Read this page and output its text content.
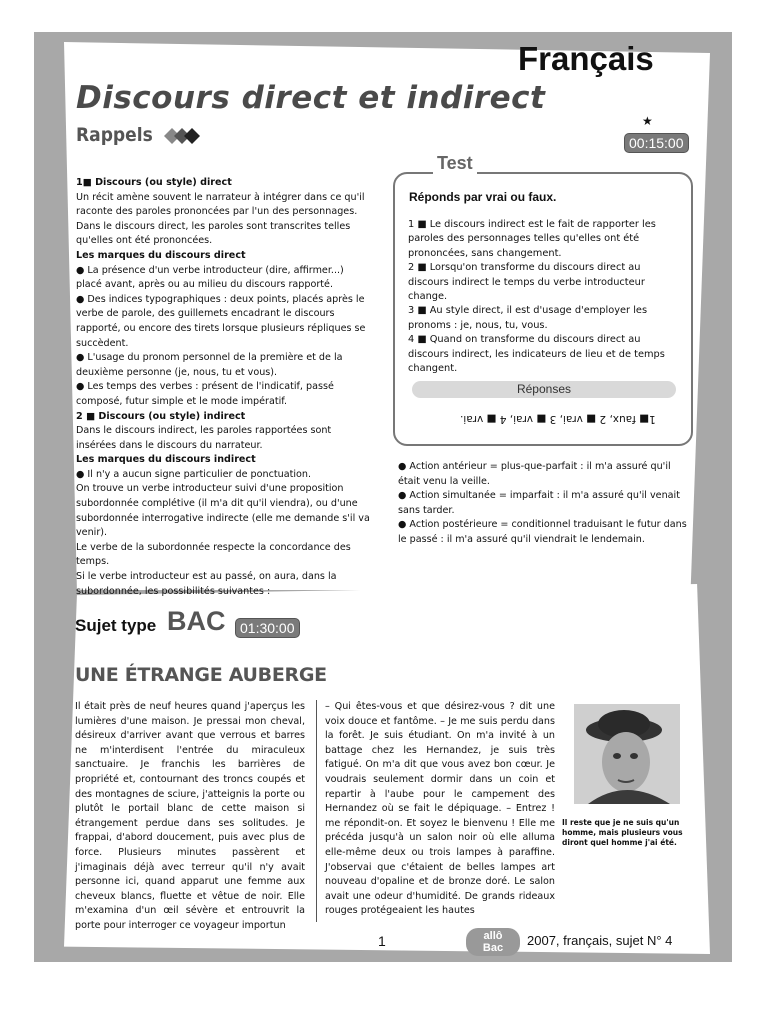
Français
Discours direct et indirect
Rappels
★
00:15:00

1■ Discours (ou style) direct

Un récit amène souvent le narrateur à intégrer dans ce qu'il raconte des paroles prononcées par l'un des personnages. Dans le discours direct, les paroles sont transcrites telles qu'elles ont été prononcées.

Les marques du discours direct

● La présence d'un verbe introducteur (dire, affirmer...) placé avant, après ou au milieu du discours rapporté.

● Des indices typographiques : deux points, placés après le verbe de parole, des guillemets encadrant le discours rapporté, ou encore des tirets lorsque plusieurs répliques se succèdent.

● L'usage du pronom personnel de la première et de la deuxième personne (je, nous, tu et vous).

● Les temps des verbes : présent de l'indicatif, passé composé, futur simple et le mode impératif.

2 ■ Discours (ou style) indirect

Dans le discours indirect, les paroles rapportées sont insérées dans le discours du narrateur.

Les marques du discours indirect

● Il n'y a aucun signe particulier de ponctuation.

On trouve un verbe introducteur suivi d'une proposition subordonnée complétive (il m'a dit qu'il viendra), ou d'une subordonnée interrogative indirecte (elle me demande s'il va venir).

Le verbe de la subordonnée respecte la concordance des temps.

Si le verbe introducteur est au passé, on aura, dans la subordonnée, les possibilités suivantes :

Test
Réponds par vrai ou faux.

1 ■ Le discours indirect est le fait de rapporter les paroles des personnages telles qu'elles ont été prononcées, sans changement.

2 ■ Lorsqu'on transforme du discours direct au discours indirect le temps du verbe introducteur change.

3 ■ Au style direct, il est d'usage d'employer les pronoms : je, nous, tu, vous.

4 ■ Quand on transforme du discours direct au discours indirect, les indicateurs de lieu et de temps changent.

Réponses
1■ faux, 2 ■ vrai, 3 ■ vrai, 4 ■ vrai.

● Action antérieur = plus-que-parfait : il m'a assuré qu'il était venu la veille.

● Action simultanée = imparfait : il m'a assuré qu'il venait sans tarder.

● Action postérieure = conditionnel traduisant le futur dans le passé : il m'a assuré qu'il viendrait le lendemain.

Sujet type BAC	01:30:00
UNE ÉTRANGE AUBERGE
Il était près de neuf heures quand j'aperçus les lumières d'une maison. Je pressai mon cheval, désireux d'arriver avant que verrous et barres ne m'interdisent l'entrée du miraculeux sanctuaire. Je franchis les barrières de propriété et, contournant des troncs coupés et des montagnes de sciure, j'atteignis la porte ou plutôt le portail blanc de cette maison si étrangement perdue dans ses solitudes. Je frappai, d'abord doucement, puis avec plus de force. Plusieurs minutes passèrent et j'imaginais déjà avec terreur qu'il n'y avait personne ici, quand apparut une femme aux cheveux blancs, fluette et vêtue de noir. Elle m'examina d'un œil sévère et entrouvrit la porte pour interroger ce voyageur importun
– Qui êtes-vous et que désirez-vous ? dit une voix douce et fantôme. – Je me suis perdu dans la forêt. Je suis étudiant. On m'a invité à un battage chez les Hernandez, je suis très fatigué. On m'a dit que vous avez bon cœur. Je voudrais seulement dormir dans un coin et repartir à l'aube pour le campement des Hernandez où se fait le dépiquage. – Entrez ! me répondit-on. Et soyez le bienvenu ! Elle me précéda jusqu'à un salon noir où elle alluma elle-même deux ou trois lampes à paraffine. J'observai que c'étaient de belles lampes art nouveau d'opaline et de bronze doré. Le salon avait une odeur d'humidité. De grands rideaux rouges protégeaient les hautes
Il reste que je ne suis qu'un homme, mais plusieurs vous diront quel homme j'ai été.
1	allô
Bac	2007, français, sujet N° 4
